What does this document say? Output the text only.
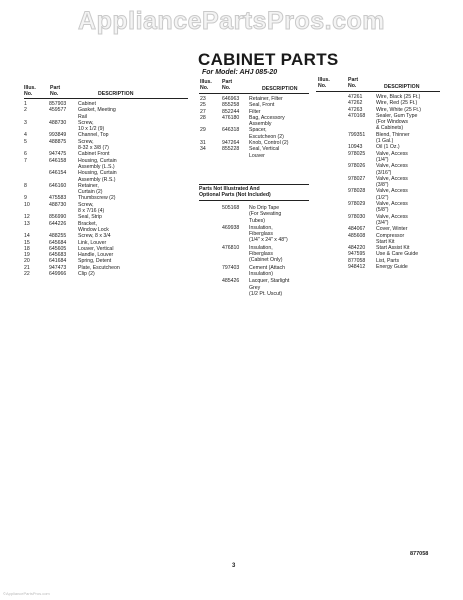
AppliancePartsPros.com
CABINET PARTS
For Model: AHJ 085-20
Illus.
No.
Part
No.	DESCRIPTION
Illus.
No.
Part
No.	DESCRIPTION
Illus.
No.
Part
No.	DESCRIPTION
1	857903	Cabinet
2	459577	Gasket, Meeting
Rail
3	488730	Screw,
10 x 1/2 (9)
4	993849	Channel, Top
5	488875	Screw,
8-32 x 3/8 (7)
6	947475	Cabinet Front
7	646158	Housing, Curtain
Assembly (L.S.)
646154	Housing, Curtain
Assembly (R.S.)
8	646160	Retainer,
Curtain (2)
9	475583	Thumbscrew (2)
10	488730	Screw,
8 x 7/16 (4)
12	856990	Seal, Strip
13	644226	Bracket,
Window Lock
14	488255	Screw, 8 x 3/4
15	645684	Link, Louver
18	645605	Louver, Vertical
19	645683	Handle, Louver
20	641684	Spring, Detent
21	947473	Plate, Escutcheon
22	649966	Clip (2)
23	646963	Retainer, Filter
25	855258	Seal, Front
27	852244	Filter
28	476180	Bag, Accessory
Assembly
29	646318	Spacer,
Escutcheon (2)
31	947264	Knob, Control (2)
34	855228	Seal, Vertical
Louver
Parts Not Illustrated And
Optional Parts (Not Included)
505168	No Drip Tape
(For Sweating
Tubes)
469938	Insulation,
Fiberglass
(1/4" x 24" x 48")
476810	Insulation,
Fiberglass
(Cabinet Only)
797403	Cement (Attach
Insulation)
485426	Lacquer, Starlight
Grey
(1/2 Pt. Uscut)
47261	Wire, Black (25 Ft.)
47262	Wire, Red (25 Ft.)
47263	Wire, White (25 Ft.)
470168	Sealer, Gum Type
(For Windows
& Cabinets)
799351	Blend, Thinner
(1 Gal.)
10943	Oil (1 Oz.)
978025	Valve, Access
(1/4")
978026	Valve, Access
(3/16")
978027	Valve, Access
(3/8")
978028	Valve, Access
(1/2")
978029	Valve, Access
(5/8")
978030	Valve, Access
(3/4")
484067	Cover, Winter
485608	Compressor
Start Kit
484220	Start Assist Kit
947595	Use & Care Guide
877058	List, Parts
948412	Energy Guide
3
877058
©AppliancePartsPros.com
